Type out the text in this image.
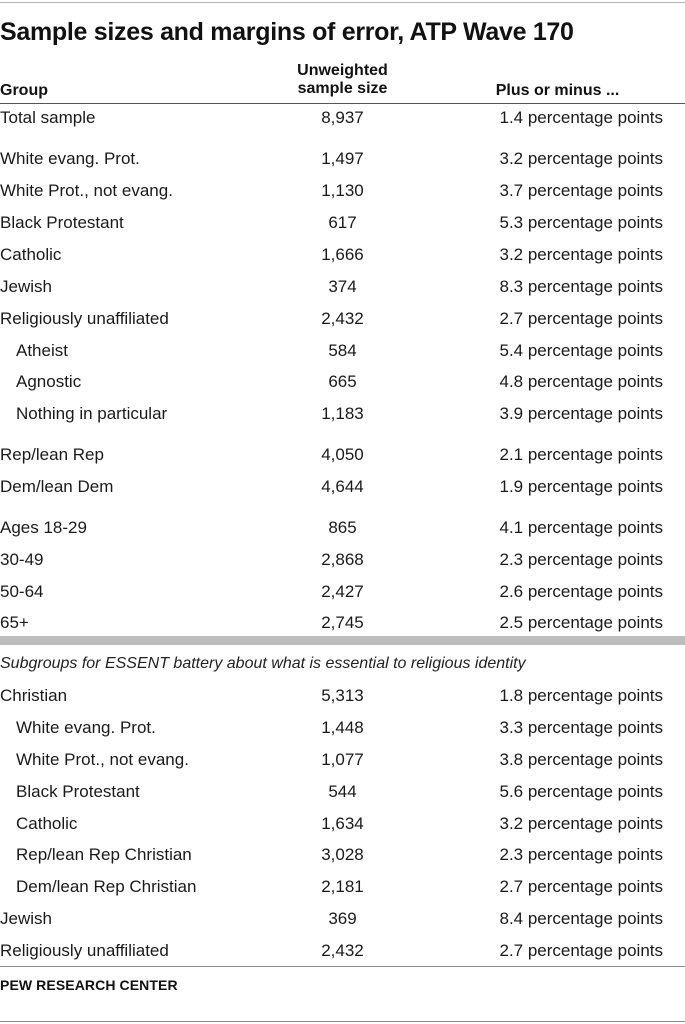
Sample sizes and margins of error, ATP Wave 170
Group
Unweighted
sample size	Plus or minus ...
Total sample	8,937	1.4 percentage points
White evang. Prot.	1,497	3.2 percentage points
White Prot., not evang.	1,130	3.7 percentage points
Black Protestant	617	5.3 percentage points
Catholic	1,666	3.2 percentage points
Jewish	374	8.3 percentage points
Religiously unaffiliated	2,432	2.7 percentage points
Atheist	584	5.4 percentage points
Agnostic	665	4.8 percentage points
Nothing in particular	1,183	3.9 percentage points
Rep/lean Rep	4,050	2.1 percentage points
Dem/lean Dem	4,644	1.9 percentage points
Ages 18-29	865	4.1 percentage points
30-49	2,868	2.3 percentage points
50-64	2,427	2.6 percentage points
65+	2,745	2.5 percentage points
Subgroups for ESSENT battery about what is essential to religious identity
Christian	5,313	1.8 percentage points
White evang. Prot.	1,448	3.3 percentage points
White Prot., not evang.	1,077	3.8 percentage points
Black Protestant	544	5.6 percentage points
Catholic	1,634	3.2 percentage points
Rep/lean Rep Christian	3,028	2.3 percentage points
Dem/lean Rep Christian	2,181	2.7 percentage points
Jewish	369	8.4 percentage points
Religiously unaffiliated	2,432	2.7 percentage points
PEW RESEARCH CENTER
